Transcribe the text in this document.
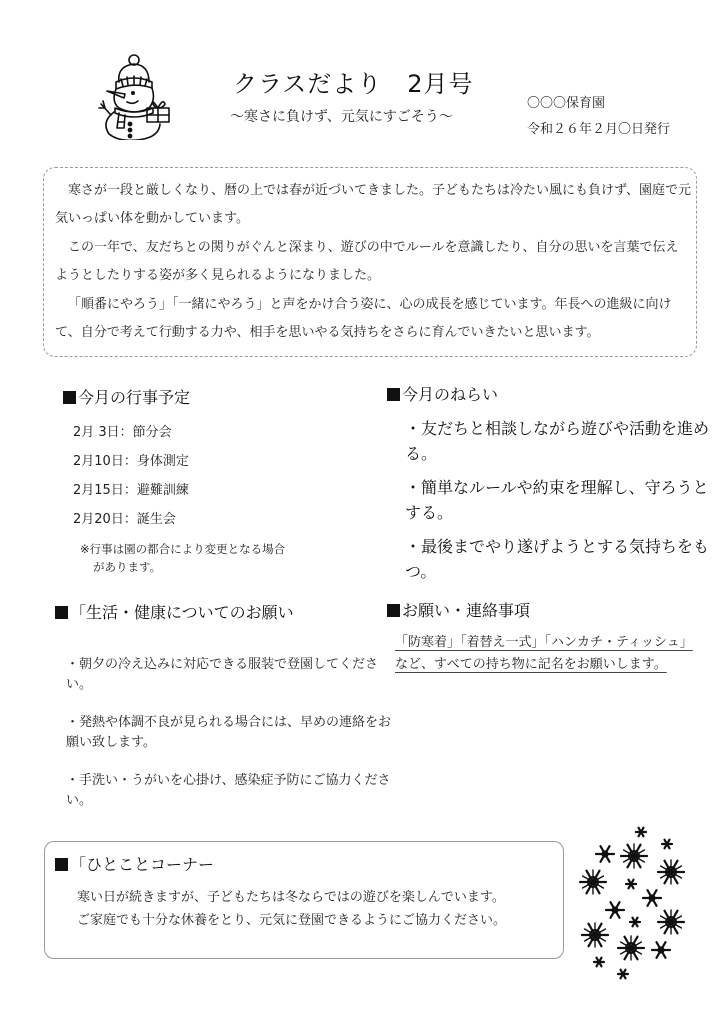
クラスだより　2月号
～寒さに負けず、元気にすごそう～
〇〇〇保育園
令和２６年２月〇日発行

寒さが一段と厳しくなり、暦の上では春が近づいてきました。子どもたちは冷たい風にも負けず、園庭で元気いっぱい体を動かしています。

この一年で、友だちとの関りがぐんと深まり、遊びの中でルールを意識したり、自分の思いを言葉で伝えようとしたりする姿が多く見られるようになりました。

「順番にやろう」「一緒にやろう」と声をかけ合う姿に、心の成長を感じています。年長への進級に向けて、自分で考えて行動する力や、相手を思いやる気持ちをさらに育んでいきたいと思います。

今月の行事予定
2月 3日：節分会
2月10日：身体測定
2月15日：避難訓練
2月20日：誕生会
※行事は園の都合により変更となる場合
があります。
今月のねらい
・友だちと相談しながら遊びや活動を進める。
・簡単なルールや約束を理解し、守ろうとする。
・最後までやり遂げようとする気持ちをもつ。
「生活・健康についてのお願い
・朝夕の冷え込みに対応できる服装で登園してください。
・発熱や体調不良が見られる場合には、早めの連絡をお願い致します。
・手洗い・うがいを心掛け、感染症予防にご協力ください。
お願い・連絡事項
「防寒着」「着替え一式」「ハンカチ・ティッシュ」など、すべての持ち物に記名をお願いします。
「ひとことコーナー
寒い日が続きますが、子どもたちは冬ならではの遊びを楽しんでいます。
ご家庭でも十分な休養をとり、元気に登園できるようにご協力ください。
